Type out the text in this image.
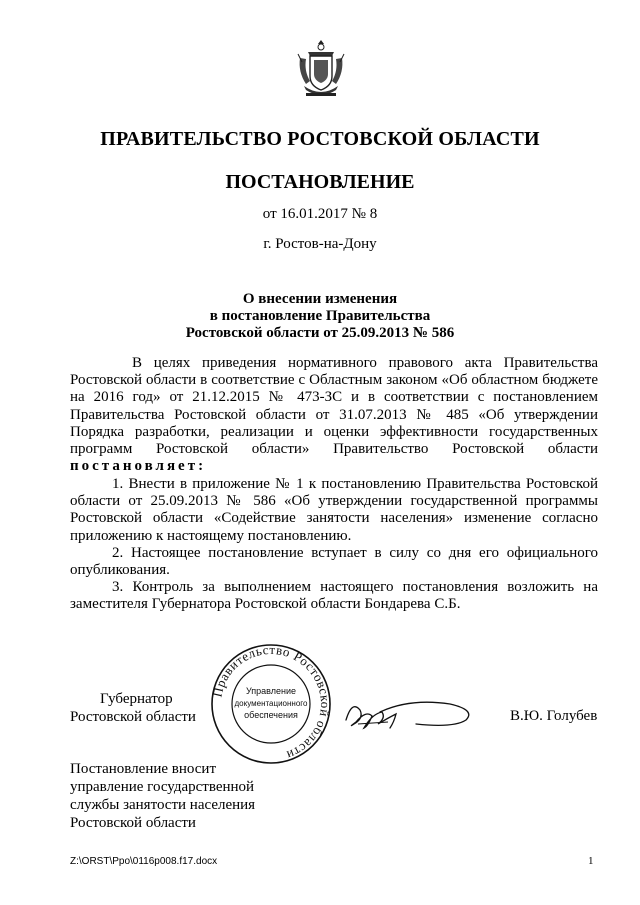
ПРАВИТЕЛЬСТВО РОСТОВСКОЙ ОБЛАСТИ
ПОСТАНОВЛЕНИЕ
от 16.01.2017 № 8
г. Ростов-на-Дону
О внесении изменения
в постановление Правительства
Ростовской области от 25.09.2013 № 586
В целях приведения нормативного правового акта Правительства Ростовской области в соответствие с Областным законом «Об областном бюджете на 2016 год» от 21.12.2015 № 473-ЗС и в соответствии с постановлением Правительства Ростовской области от 31.07.2013 № 485 «Об утверждении Порядка разработки, реализации и оценки эффективности государственных программ Ростовской области» Правительство Ростовской области постановляет:

1. Внести в приложение № 1 к постановлению Правительства Ростовской области от 25.09.2013 № 586 «Об утверждении государственной программы Ростовской области «Содействие занятости населения» изменение согласно приложению к настоящему постановлению.

2. Настоящее постановление вступает в силу со дня его официального опубликования.

3. Контроль за выполнением настоящего постановления возложить на заместителя Губернатора Ростовской области Бондарева С.Б.

Губернатор
Ростовской области
Правительство Ростовской области
Управление
документационного
обеспечения	В.Ю. Голубев
Постановление вносит
управление государственной
службы занятости населения
Ростовской области
Z:\ORST\Ppo\0116p008.f17.docx	1
